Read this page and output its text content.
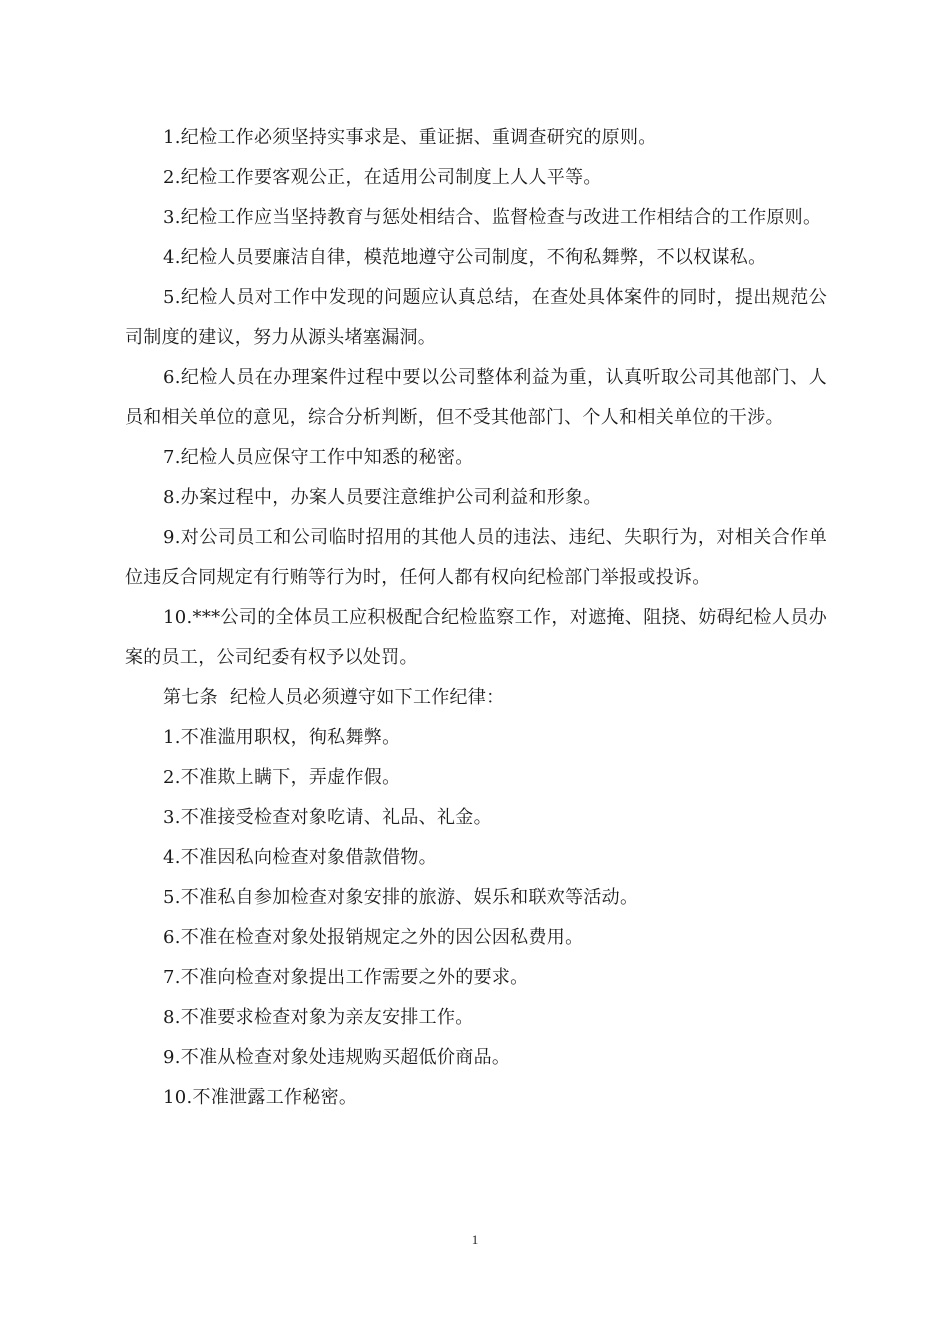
1.纪检工作必须坚持实事求是、重证据、重调查研究的原则。

2.纪检工作要客观公正，在适用公司制度上人人平等。

3.纪检工作应当坚持教育与惩处相结合、监督检查与改进工作相结合的工作原则。

4.纪检人员要廉洁自律，模范地遵守公司制度，不徇私舞弊，不以权谋私。

5.纪检人员对工作中发现的问题应认真总结，在查处具体案件的同时，提出规范公司制度的建议，努力从源头堵塞漏洞。

6.纪检人员在办理案件过程中要以公司整体利益为重，认真听取公司其他部门、人员和相关单位的意见，综合分析判断，但不受其他部门、个人和相关单位的干涉。

7.纪检人员应保守工作中知悉的秘密。

8.办案过程中，办案人员要注意维护公司利益和形象。

9.对公司员工和公司临时招用的其他人员的违法、违纪、失职行为，对相关合作单位违反合同规定有行贿等行为时，任何人都有权向纪检部门举报或投诉。

10.***公司的全体员工应积极配合纪检监察工作，对遮掩、阻挠、妨碍纪检人员办案的员工，公司纪委有权予以处罚。

第七条  纪检人员必须遵守如下工作纪律：

1.不准滥用职权，徇私舞弊。

2.不准欺上瞒下，弄虚作假。

3.不准接受检查对象吃请、礼品、礼金。

4.不准因私向检查对象借款借物。

5.不准私自参加检查对象安排的旅游、娱乐和联欢等活动。

6.不准在检查对象处报销规定之外的因公因私费用。

7.不准向检查对象提出工作需要之外的要求。

8.不准要求检查对象为亲友安排工作。

9.不准从检查对象处违规购买超低价商品。

10.不准泄露工作秘密。

1
